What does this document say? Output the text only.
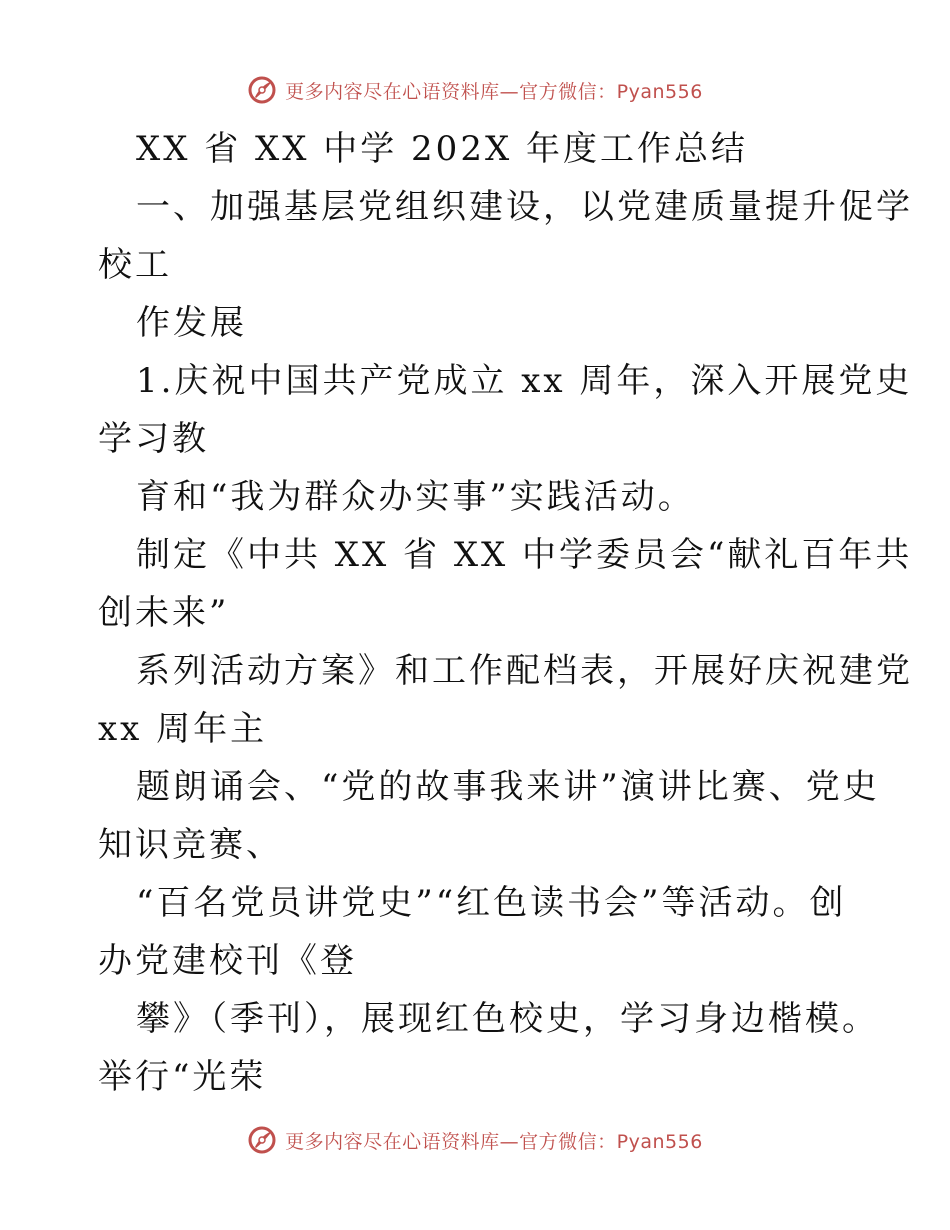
更多内容尽在心语资料库—官方微信：Pyan556
XX 省 XX 中学 202X 年度工作总结
一、加强基层党组织建设，以党建质量提升促学
校工
作发展
1.庆祝中国共产党成立 xx 周年，深入开展党史
学习教
育和“我为群众办实事”实践活动。
制定《中共 XX 省 XX 中学委员会“献礼百年共
创未来”
系列活动方案》和工作配档表，开展好庆祝建党
xx 周年主
题朗诵会、“党的故事我来讲”演讲比赛、党史
知识竞赛、
“百名党员讲党史”“红色读书会”等活动。创
办党建校刊《登
攀》（季刊），展现红色校史，学习身边楷模。
举行“光荣
更多内容尽在心语资料库—官方微信：Pyan556
